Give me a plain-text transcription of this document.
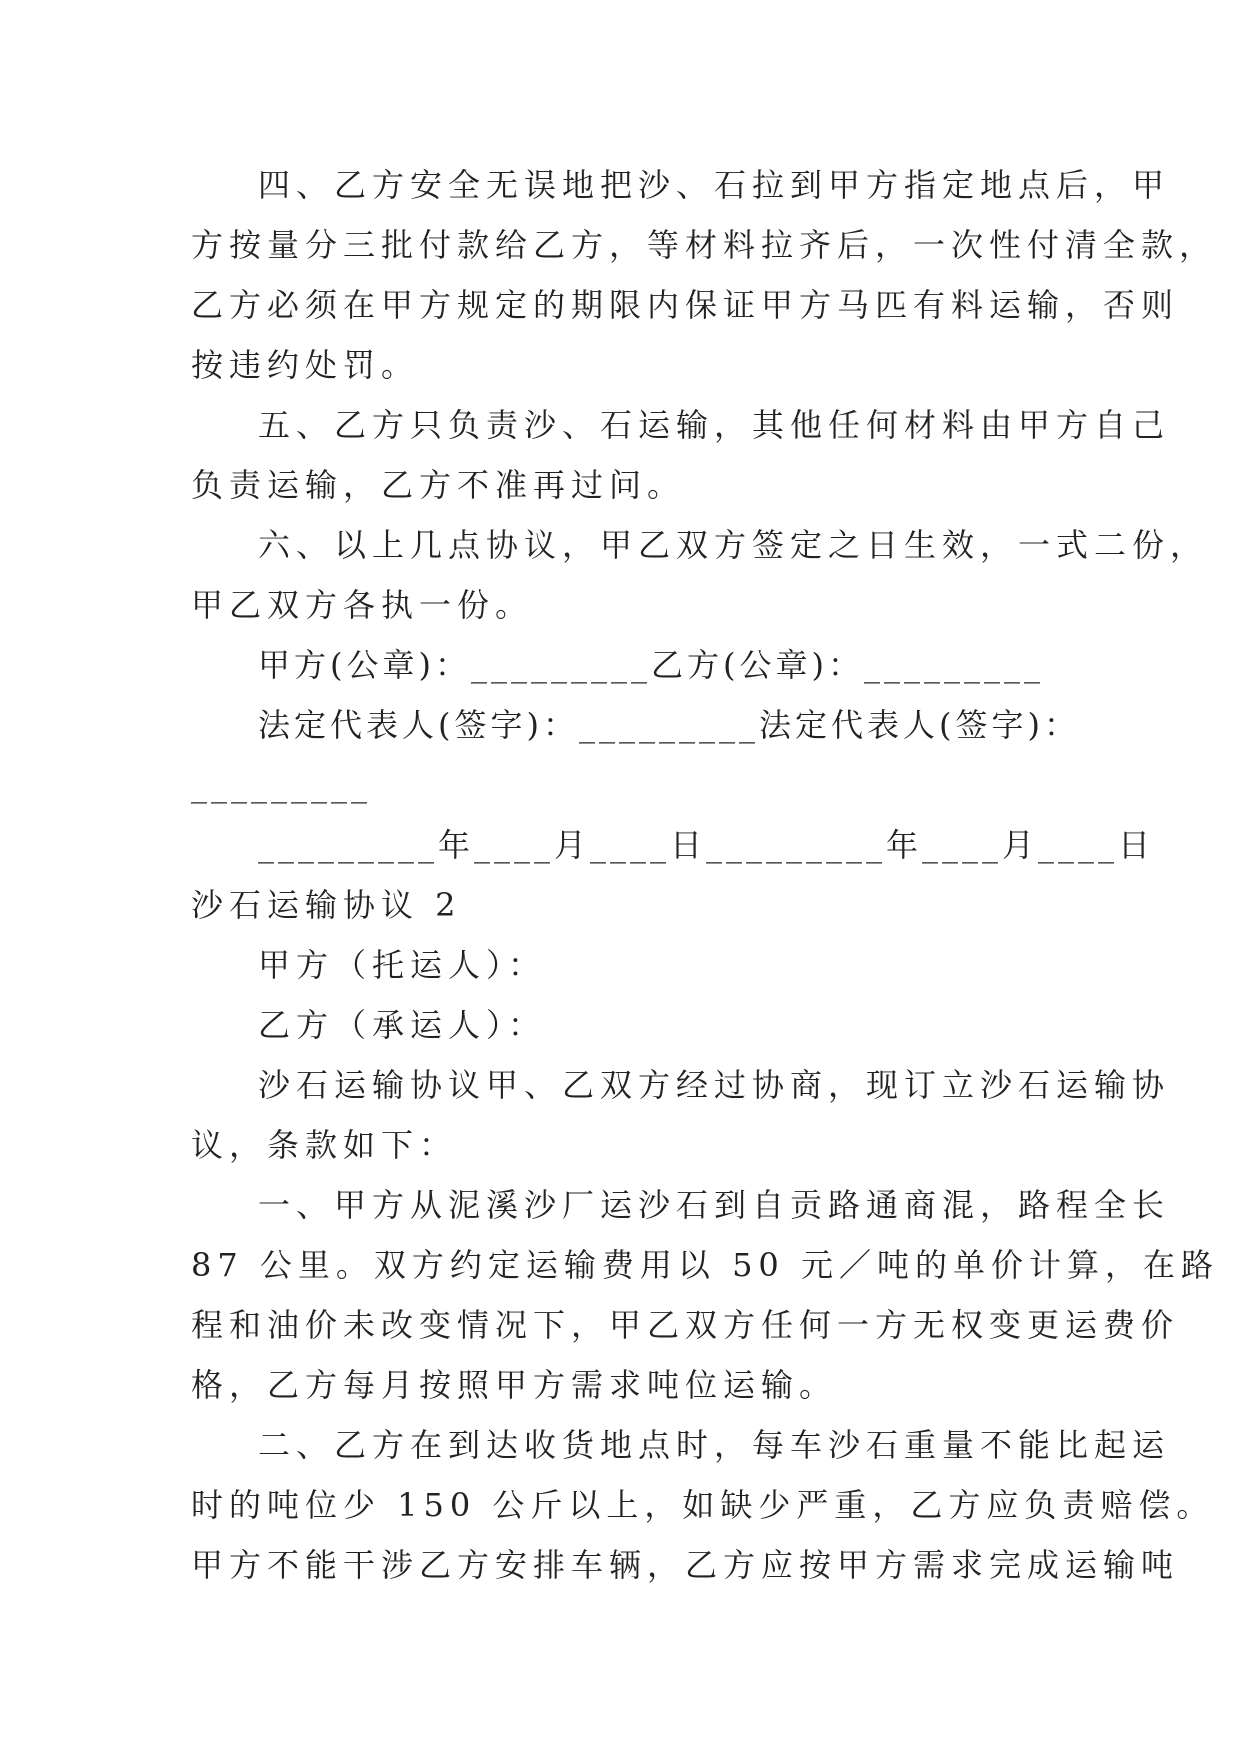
四、乙方安全无误地把沙、石拉到甲方指定地点后，甲
方按量分三批付款给乙方，等材料拉齐后，一次性付清全款，
乙方必须在甲方规定的期限内保证甲方马匹有料运输，否则
按违约处罚。
五、乙方只负责沙、石运输，其他任何材料由甲方自己
负责运输，乙方不准再过问。
六、以上几点协议，甲乙双方签定之日生效，一式二份，
甲乙双方各执一份。
甲方(公章)：_________乙方(公章)：_________
法定代表人(签字)：_________法定代表人(签字)：
_________
_________年____月____日_________年____月____日
沙石运输协议 2
甲方（托运人）：
乙方（承运人）：
沙石运输协议甲、乙双方经过协商，现订立沙石运输协
议，条款如下：
一、甲方从泥溪沙厂运沙石到自贡路通商混，路程全长
87 公里。双方约定运输费用以 50 元／吨的单价计算，在路
程和油价未改变情况下，甲乙双方任何一方无权变更运费价
格，乙方每月按照甲方需求吨位运输。
二、乙方在到达收货地点时，每车沙石重量不能比起运
时的吨位少 150 公斤以上，如缺少严重，乙方应负责赔偿。
甲方不能干涉乙方安排车辆，乙方应按甲方需求完成运输吨
